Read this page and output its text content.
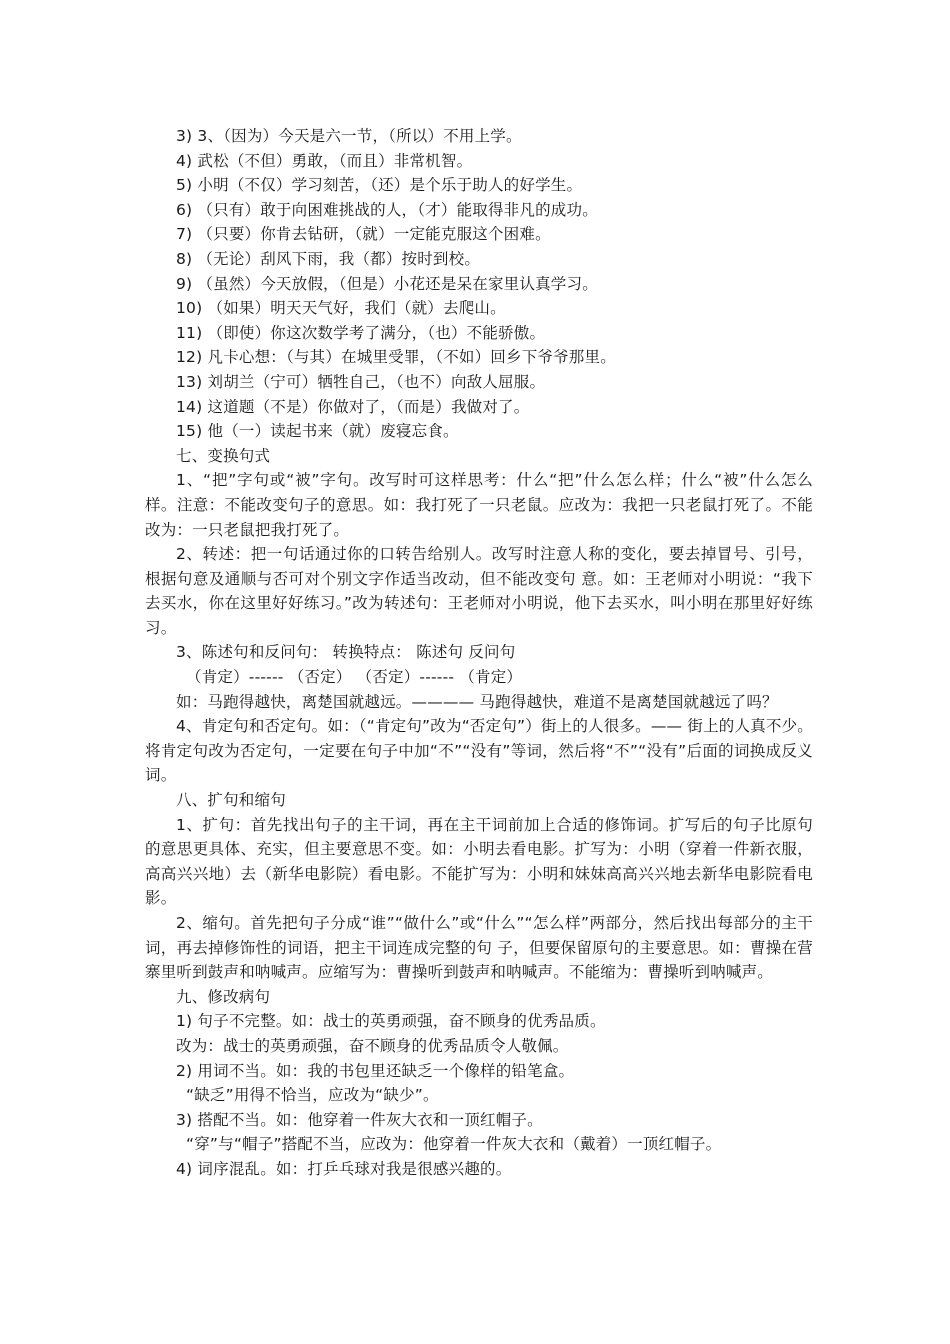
3) 3、（因为）今天是六一节，（所以）不用上学。
4) 武松（不但）勇敢，（而且）非常机智。
5) 小明（不仅）学习刻苦，（还）是个乐于助人的好学生。
6) （只有）敢于向困难挑战的人，（才）能取得非凡的成功。
7) （只要）你肯去钻研，（就）一定能克服这个困难。
8) （无论）刮风下雨，我（都）按时到校。
9) （虽然）今天放假，（但是）小花还是呆在家里认真学习。
10) （如果）明天天气好，我们（就）去爬山。
11) （即使）你这次数学考了满分，（也）不能骄傲。
12) 凡卡心想：（与其）在城里受罪，（不如）回乡下爷爷那里。
13) 刘胡兰（宁可）牺牲自己，（也不）向敌人屈服。
14) 这道题（不是）你做对了，（而是）我做对了。
15) 他（一）读起书来（就）废寝忘食。
七、变换句式
1、“把”字句或“被”字句。改写时可这样思考：什么“把”什么怎么样；什么“被”什么怎么样。注意：不能改变句子的意思。如：我打死了一只老鼠。应改为：我把一只老鼠打死了。不能改为：一只老鼠把我打死了。
2、转述：把一句话通过你的口转告给别人。改写时注意人称的变化，要去掉冒号、引号，根据句意及通顺与否可对个别文字作适当改动，但不能改变句 意。如：王老师对小明说：“我下去买水，你在这里好好练习。”改为转述句：王老师对小明说，他下去买水，叫小明在那里好好练习。
3、陈述句和反问句： 转换特点： 陈述句 反问句
（肯定）------ （否定） （否定）------ （肯定）
如：马跑得越快，离楚国就越远。———— 马跑得越快，难道不是离楚国就越远了吗？
4、肯定句和否定句。如：（“肯定句”改为“否定句”）街上的人很多。—— 街上的人真不少。将肯定句改为否定句，一定要在句子中加“不”“没有”等词，然后将“不”“没有”后面的词换成反义词。
八、扩句和缩句
1、扩句：首先找出句子的主干词，再在主干词前加上合适的修饰词。扩写后的句子比原句的意思更具体、充实，但主要意思不变。如：小明去看电影。扩写为：小明（穿着一件新衣服，高高兴兴地）去（新华电影院）看电影。不能扩写为：小明和妹妹高高兴兴地去新华电影院看电影。
2、缩句。首先把句子分成“谁”“做什么”或“什么”“怎么样”两部分，然后找出每部分的主干词，再去掉修饰性的词语，把主干词连成完整的句 子，但要保留原句的主要意思。如：曹操在营寨里听到鼓声和呐喊声。应缩写为：曹操听到鼓声和呐喊声。不能缩为：曹操听到呐喊声。
九、修改病句
1) 句子不完整。如：战士的英勇顽强，奋不顾身的优秀品质。
改为：战士的英勇顽强，奋不顾身的优秀品质令人敬佩。
2) 用词不当。如：我的书包里还缺乏一个像样的铅笔盒。
“缺乏”用得不恰当，应改为“缺少”。
3) 搭配不当。如：他穿着一件灰大衣和一顶红帽子。
“穿”与“帽子”搭配不当，应改为：他穿着一件灰大衣和（戴着）一顶红帽子。
4) 词序混乱。如：打乒乓球对我是很感兴趣的。
